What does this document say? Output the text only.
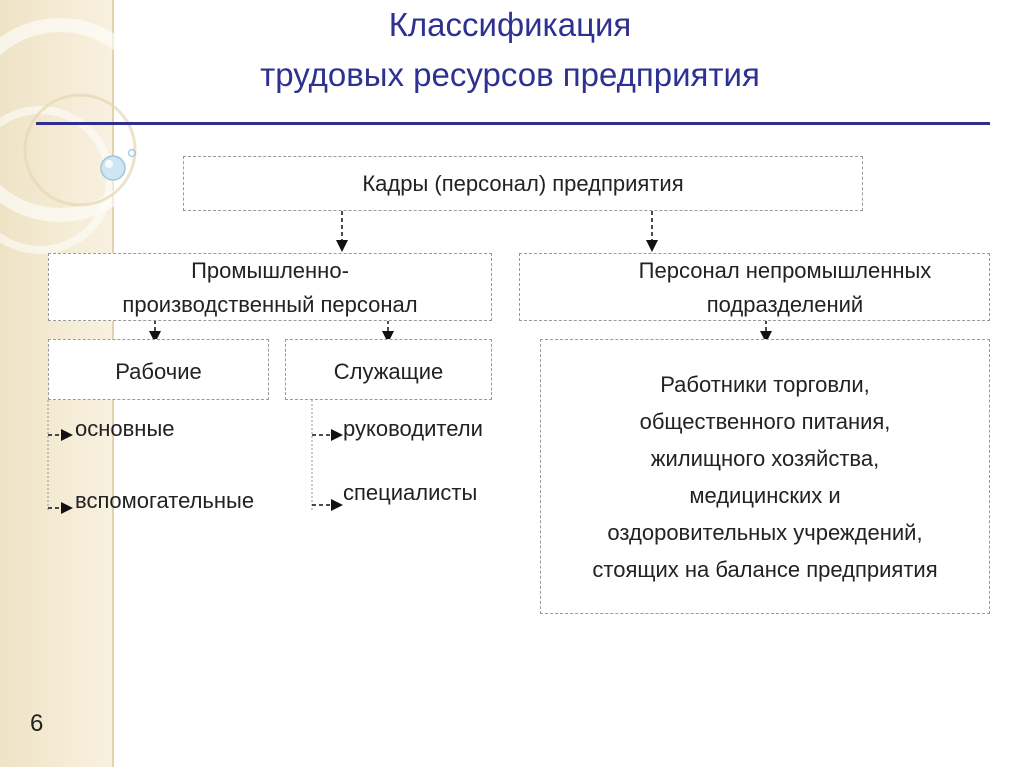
Классификация
трудовых ресурсов предприятия
Кадры (персонал) предприятия
Промышленно-
производственный персонал
Персонал непромышленных
подразделений
Рабочие
основные
вспомогательные
Служащие
руководители
специалисты
Работники торговли,
общественного питания,
жилищного хозяйства,
медицинских и
оздоровительных учреждений,
стоящих на балансе предприятия
6
